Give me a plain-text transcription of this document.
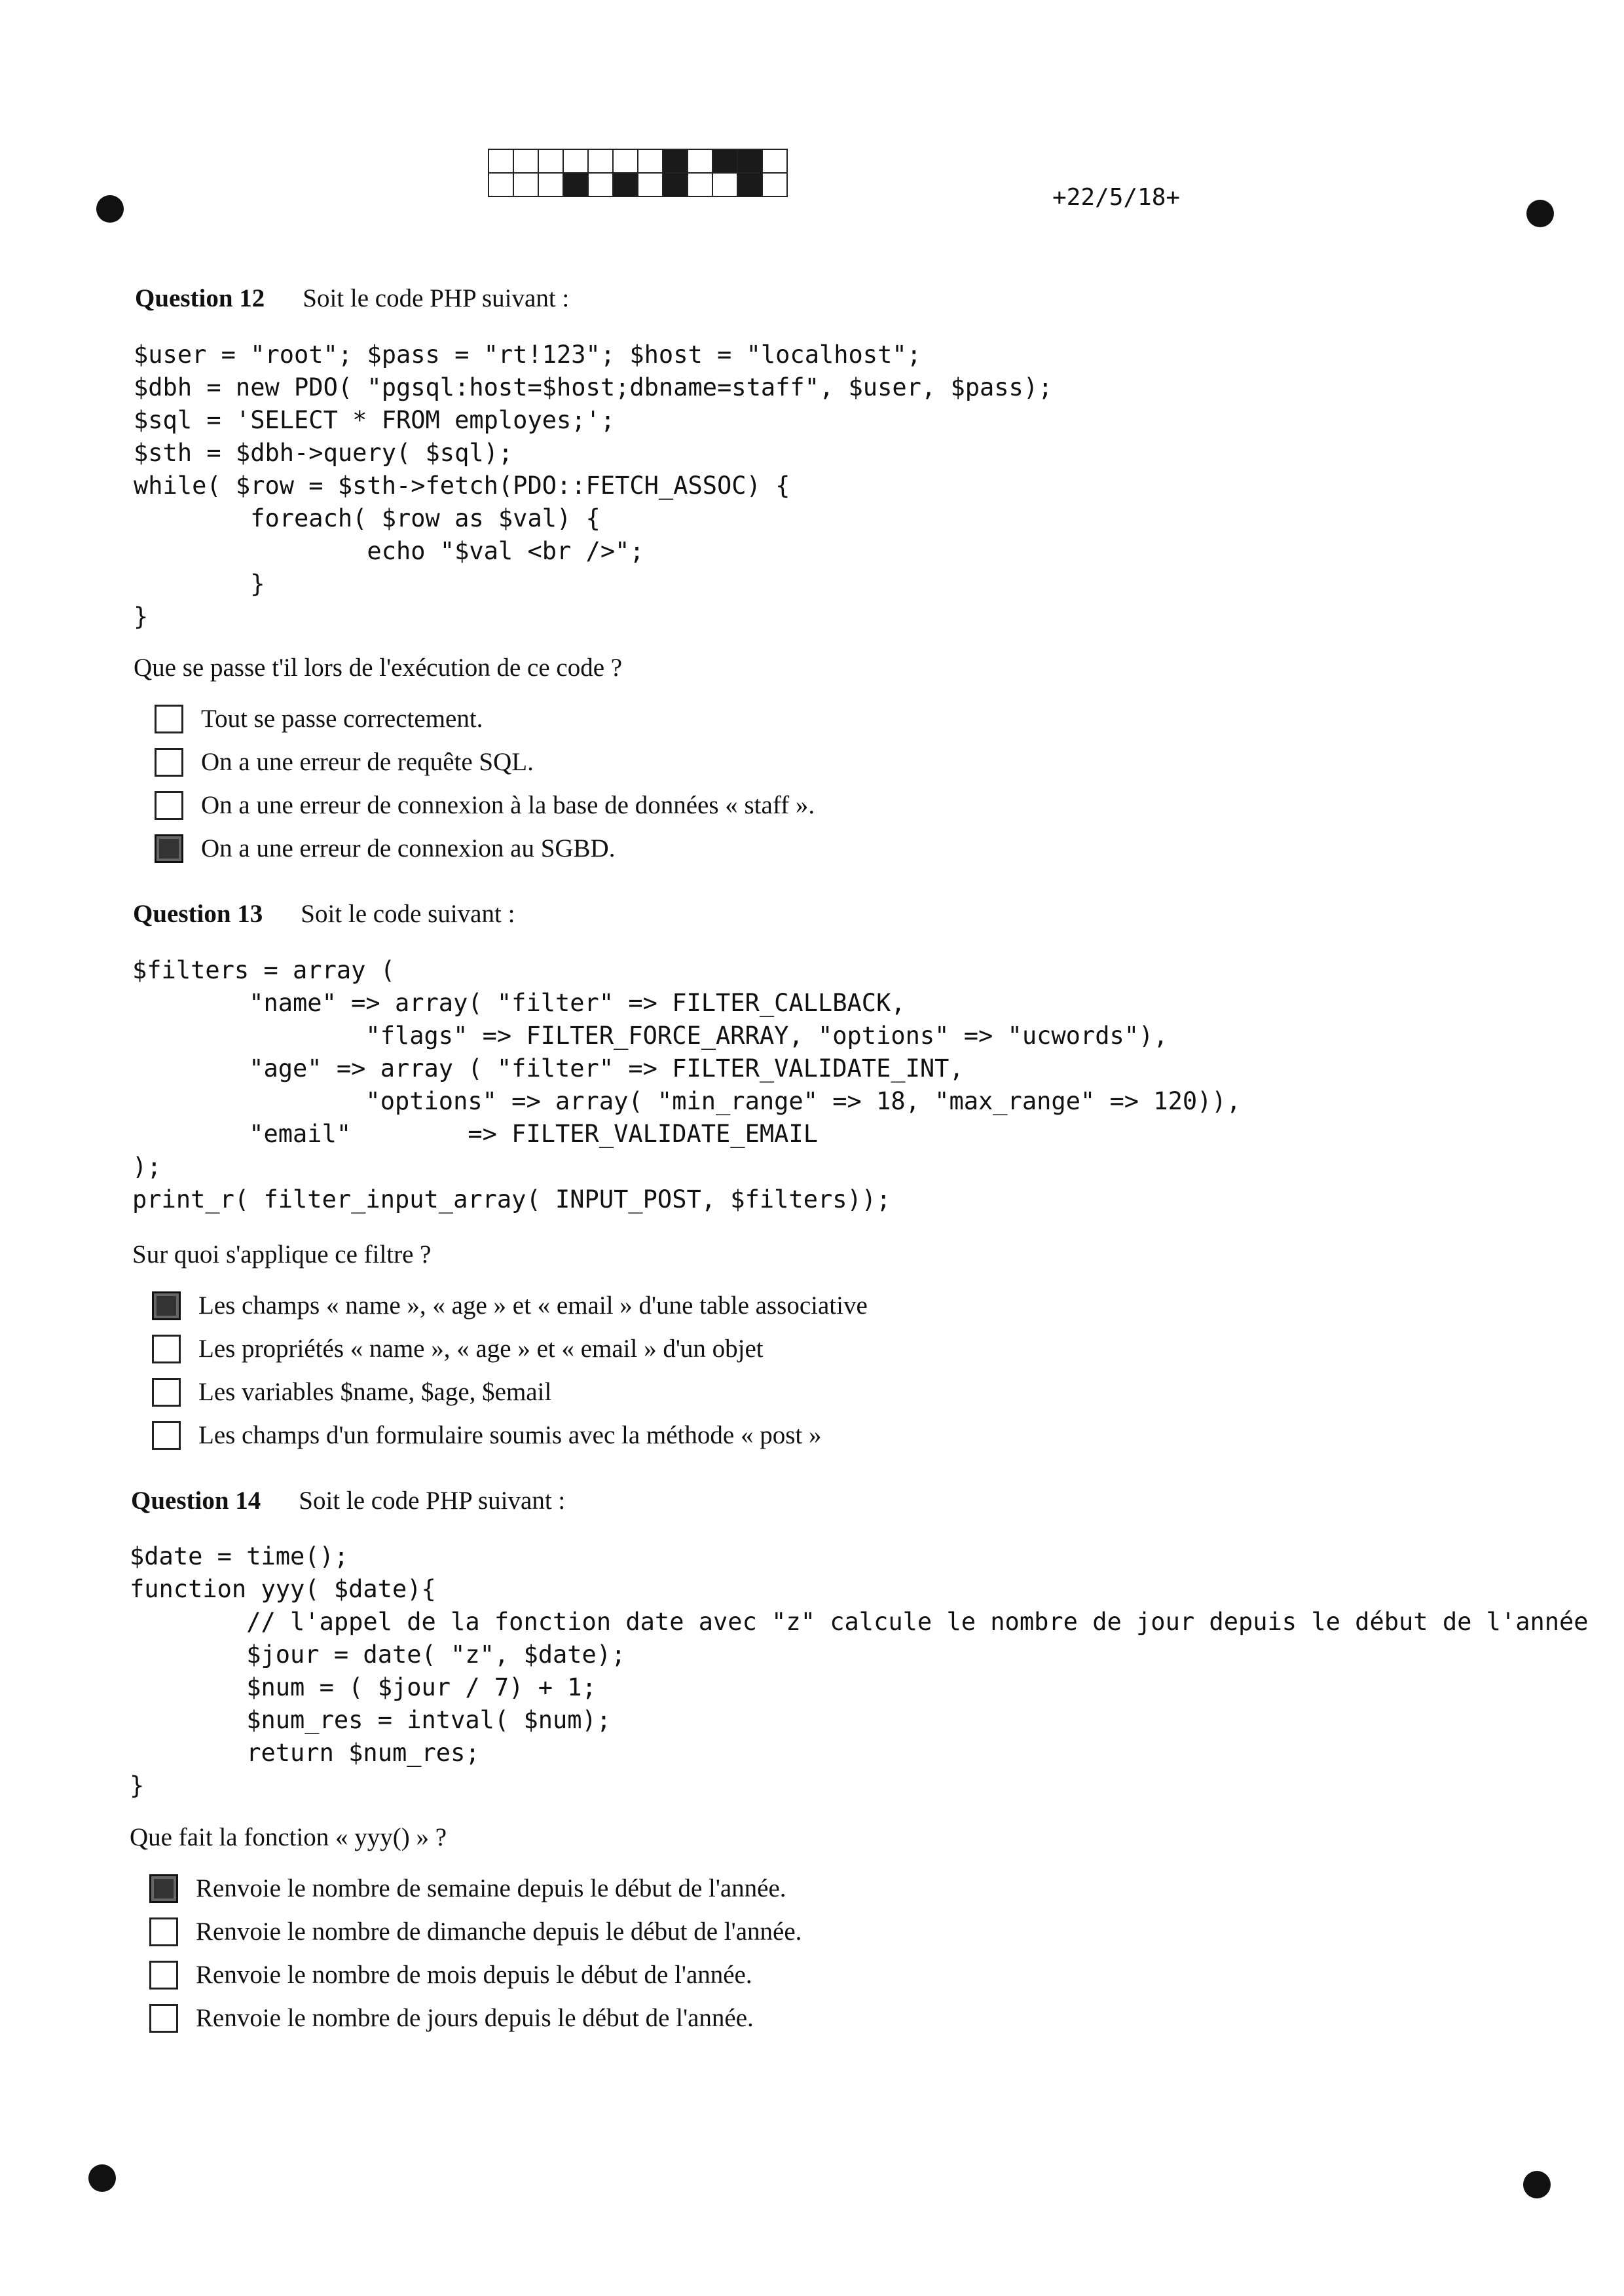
+22/5/18+
Question 12 Soit le code PHP suivant :
$user = "root"; $pass = "rt!123"; $host = "localhost";
$dbh = new PDO( "pgsql:host=$host;dbname=staff", $user, $pass);
$sql = 'SELECT * FROM employes;';
$sth = $dbh->query( $sql);
while( $row = $sth->fetch(PDO::FETCH_ASSOC) {
foreach( $row as $val) {
echo "$val <br />";
}
}
Que se passe t'il lors de l'exécution de ce code ?
Tout se passe correctement.
On a une erreur de requête SQL.
On a une erreur de connexion à la base de données « staff ».
On a une erreur de connexion au SGBD.
Question 13 Soit le code suivant :
$filters = array (
"name" => array( "filter" => FILTER_CALLBACK,
"flags" => FILTER_FORCE_ARRAY, "options" => "ucwords"),
"age" => array ( "filter" => FILTER_VALIDATE_INT,
"options" => array( "min_range" => 18, "max_range" => 120)),
"email"        => FILTER_VALIDATE_EMAIL
);
print_r( filter_input_array( INPUT_POST, $filters));
Sur quoi s'applique ce filtre ?
Les champs « name », « age » et « email » d'une table associative
Les propriétés « name », « age » et « email » d'un objet
Les variables $name, $age, $email
Les champs d'un formulaire soumis avec la méthode « post »
Question 14 Soit le code PHP suivant :
$date = time();
function yyy( $date){
// l'appel de la fonction date avec "z" calcule le nombre de jour depuis le début de l'année
$jour = date( "z", $date);
$num = ( $jour / 7) + 1;
$num_res = intval( $num);
return $num_res;
}
Que fait la fonction « yyy() » ?
Renvoie le nombre de semaine depuis le début de l'année.
Renvoie le nombre de dimanche depuis le début de l'année.
Renvoie le nombre de mois depuis le début de l'année.
Renvoie le nombre de jours depuis le début de l'année.
